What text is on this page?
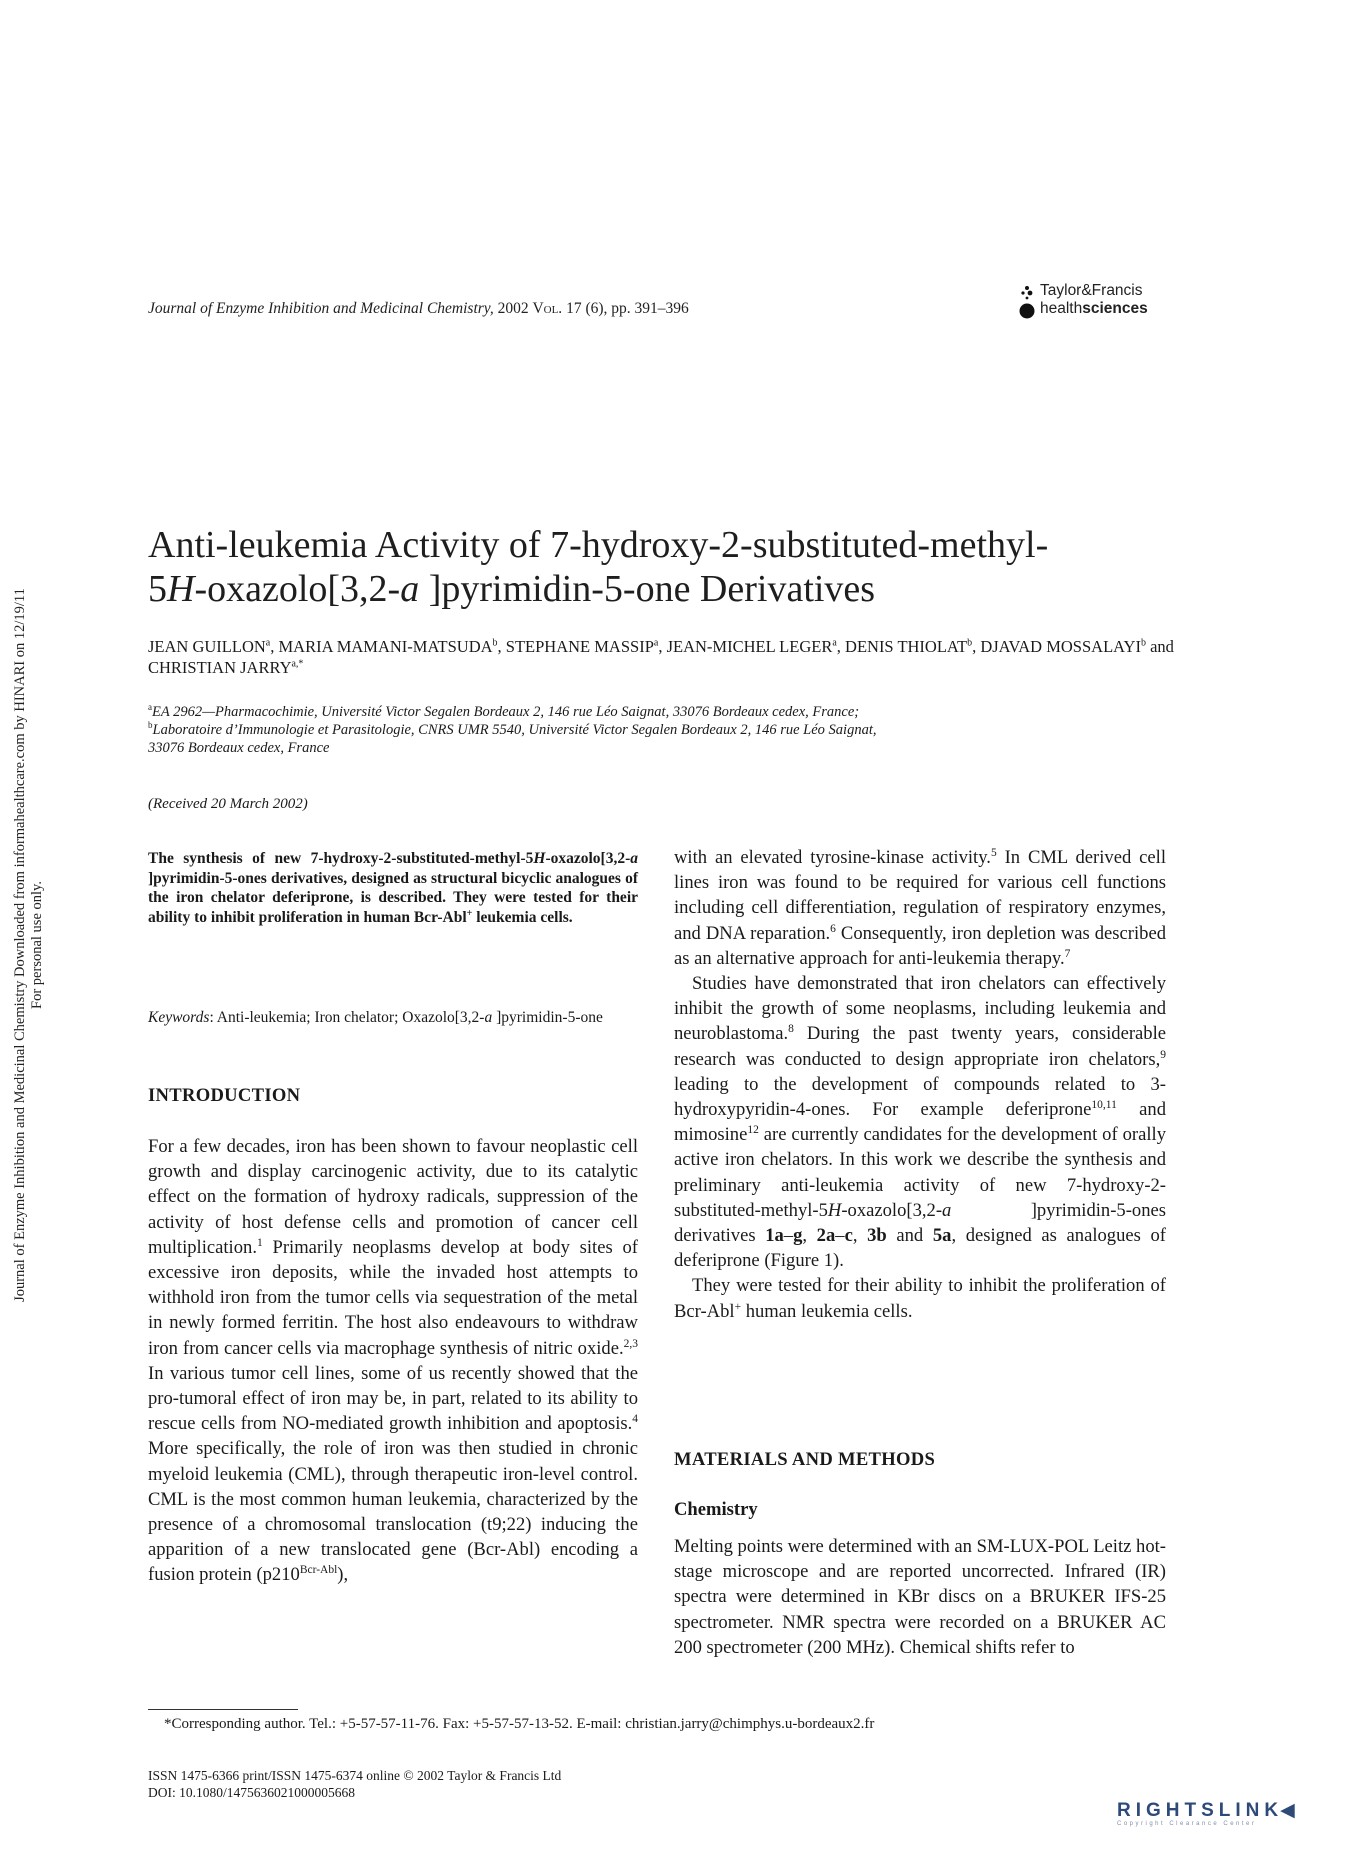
Journal of Enzyme Inhibition and Medicinal Chemistry, 2002 Vol. 17 (6), pp. 391–396
Taylor&Francis
healthsciences
Journal of Enzyme Inhibition and Medicinal Chemistry Downloaded from informahealthcare.com by HINARI on 12/19/11 For personal use only.
Anti-leukemia Activity of 7-hydroxy-2-substituted-methyl-
5H-oxazolo[3,2-a ]pyrimidin-5-one Derivatives
JEAN GUILLON$^a$, MARIA MAMANI-MATSUDA$^b$, STEPHANE MASSIP$^a$, JEAN-MICHEL LEGER$^a$, DENIS THIOLAT$^b$, DJAVAD MOSSALAYI$^b$ and CHRISTIAN $JARRY^{a,*}$
$^a$EA 2962—Pharmacochimie, Université Victor Segalen Bordeaux 2, 146 rue Léo Saignat, 33076 Bordeaux cedex, France;
$^b$Laboratoire d’Immunologie et Parasitologie, CNRS UMR 5540, Université Victor Segalen Bordeaux 2, 146 rue Léo Saignat,
33076 Bordeaux cedex, France
(Received 20 March 2002)
The synthesis of new 7-hydroxy-2-substituted-methyl-5H-oxazolo[3,2-a ]pyrimidin-5-ones derivatives, designed as structural bicyclic analogues of the iron chelator deferiprone, is described. They were tested for their ability to inhibit proliferation in human Bcr-Abl+ leukemia cells.
Keywords: Anti-leukemia; Iron chelator; Oxazolo[3,2-a ]pyrimidin-5-one
INTRODUCTION

For a few decades, iron has been shown to favour neoplastic cell growth and display carcinogenic activity, due to its catalytic effect on the formation of hydroxy radicals, suppression of the activity of host defense cells and promotion of cancer cell multiplication.$^1$ Primarily neoplasms develop at body sites of excessive iron deposits, while the invaded host attempts to withhold iron from the tumor cells via sequestration of the metal in newly formed ferritin. The host also endeavours to withdraw iron from cancer cells via macrophage synthesis of nitric oxide.$^{2,3}$ In various tumor cell lines, some of us recently showed that the pro-tumoral effect of iron may be, in part, related to its ability to rescue cells from NO-mediated growth inhibition and apoptosis.$^4$ More specifically, the role of iron was then studied in chronic myeloid leukemia (CML), through therapeutic iron-level control. CML is the most common human leukemia, characterized by the presence of a chromosomal translocation (t9;22) inducing the apparition of a new translocated gene (Bcr-Abl) encoding a fusion protein $(p210^{Bcr-Abl})$,

with an elevated tyrosine-kinase activity.$^5$ In CML derived cell lines iron was found to be required for various cell functions including cell differentiation, regulation of respiratory enzymes, and DNA reparation.$^6$ Consequently, iron depletion was described as an alternative approach for anti-leukemia therapy.$^7$

Studies have demonstrated that iron chelators can effectively inhibit the growth of some neoplasms, including leukemia and neuroblastoma.$^8$ During the past twenty years, considerable research was conducted to design appropriate iron chelators,$^9$ leading to the development of compounds related to 3-hydroxypyridin-4-ones. For example deferiprone$^{10,11}$ and mimosine$^{12}$ are currently candidates for the development of orally active iron chelators. In this work we describe the synthesis and preliminary anti-leukemia activity of new 7-hydroxy-2-substituted-methyl-5H-oxazolo[3,2-a ]pyrimidin-5-ones derivatives 1a–g, 2a–c, 3b and 5a, designed as analogues of deferiprone (Figure 1).

They were tested for their ability to inhibit the proliferation of Bcr-Abl+ human leukemia cells.

MATERIALS AND METHODS
Chemistry

Melting points were determined with an SM-LUX-POL Leitz hot-stage microscope and are reported uncorrected. Infrared (IR) spectra were determined in KBr discs on a BRUKER IFS-25 spectrometer. NMR spectra were recorded on a BRUKER AC 200 spectrometer (200 MHz). Chemical shifts refer to

*Corresponding author. Tel.: +5-57-57-11-76. Fax: +5-57-57-13-52. E-mail: christian.jarry@chimphys.u-bordeaux2.fr
ISSN 1475-6366 print/ISSN 1475-6374 online © 2002 Taylor & Francis Ltd
DOI: 10.1080/1475636021000005668
RIGHTSLINK◀
Copyright Clearance Center
